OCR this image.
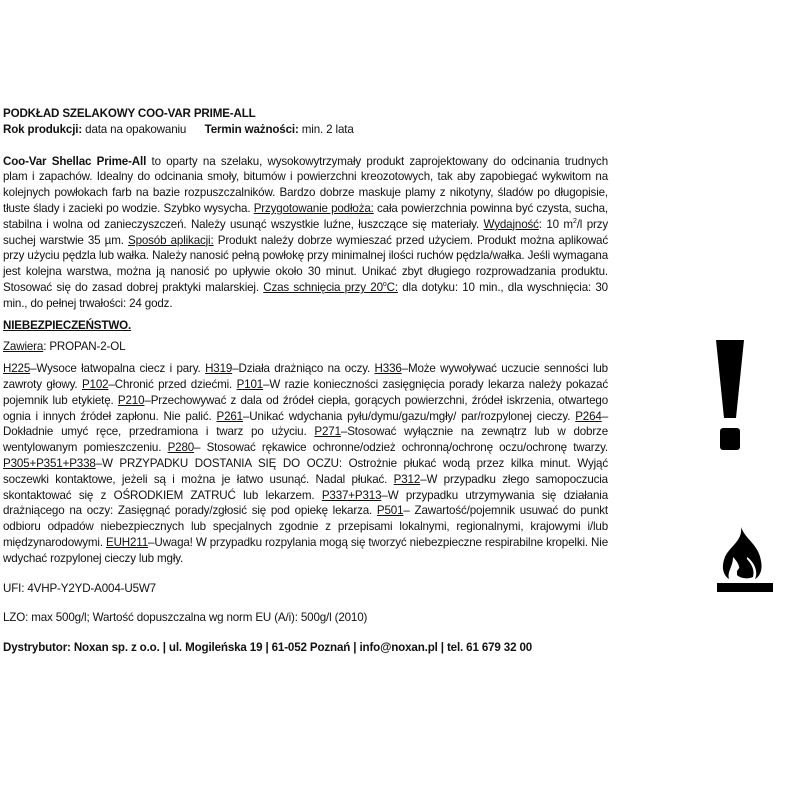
PODKŁAD SZELAKOWY COO-VAR PRIME-ALL

Rok produkcji: data na opakowaniu Termin ważności: min. 2 lata

Coo-Var Shellac Prime-All to oparty na szelaku, wysokowytrzymały produkt zaprojektowany do odcinania trudnych plam i zapachów. Idealny do odcinania smoły, bitumów i powierzchni kreozotowych, tak aby zapobiegać wykwitom na kolejnych powłokach farb na bazie rozpuszczalników. Bardzo dobrze maskuje plamy z nikotyny, śladów po długopisie, tłuste ślady i zacieki po wodzie. Szybko wysycha. Przygotowanie podłoża: cała powierzchnia powinna być czysta, sucha, stabilna i wolna od zanieczyszczeń. Należy usunąć wszystkie luźne, łuszczące się materiały. Wydajność: 10 $m^2/l$ przy suchej warstwie 35 µm. Sposób aplikacji: Produkt należy dobrze wymieszać przed użyciem. Produkt można aplikować przy użyciu pędzla lub wałka. Należy nanosić pełną powłokę przy minimalnej ilości ruchów pędzla/wałka. Jeśli wymagana jest kolejna warstwa, można ją nanosić po upływie około 30 minut. Unikać zbyt długiego rozprowadzania produktu. Stosować się do zasad dobrej praktyki malarskiej. Czas schnięcia przy 20$^o$C: dla dotyku: 10 min., dla wyschnięcia: 30 min., do pełnej trwałości: 24 godz.

NIEBEZPIECZEŃSTWO.

Zawiera: PROPAN-2-OL

H225–Wysoce łatwopalna ciecz i pary. H319–Działa drażniąco na oczy. H336–Może wywoływać uczucie senności lub zawroty głowy. P102–Chronić przed dziećmi. P101–W razie konieczności zasięgnięcia porady lekarza należy pokazać pojemnik lub etykietę. P210–Przechowywać z dala od źródeł ciepła, gorących powierzchni, źródeł iskrzenia, otwartego ognia i innych źródeł zapłonu. Nie palić. P261–Unikać wdychania pyłu/dymu/gazu/mgły/ par/rozpylonej cieczy. P264–Dokładnie umyć ręce, przedramiona i twarz po użyciu. P271–Stosować wyłącznie na zewnątrz lub w dobrze wentylowanym pomieszczeniu. P280– Stosować rękawice ochronne/odzież ochronną/ochronę oczu/ochronę twarzy. P305+P351+P338–W PRZYPADKU DOSTANIA SIĘ DO OCZU: Ostrożnie płukać wodą przez kilka minut. Wyjąć soczewki kontaktowe, jeżeli są i można je łatwo usunąć. Nadal płukać. P312–W przypadku złego samopoczucia skontaktować się z OŚRODKIEM ZATRUĆ lub lekarzem. P337+P313–W przypadku utrzymywania się działania drażniącego na oczy: Zasięgnąć porady/zgłosić się pod opiekę lekarza. P501– Zawartość/pojemnik usuwać do punkt odbioru odpadów niebezpiecznych lub specjalnych zgodnie z przepisami lokalnymi, regionalnymi, krajowymi i/lub międzynarodowymi. EUH211–Uwaga! W przypadku rozpylania mogą się tworzyć niebezpieczne respirabilne kropelki. Nie wdychać rozpylonej cieczy lub mgły.

UFI: 4VHP-Y2YD-A004-U5W7

LZO: max 500g/l; Wartość dopuszczalna wg norm EU (A/i): 500g/l (2010)

Dystrybutor: Noxan sp. z o.o. | ul. Mogileńska 19 | 61-052 Poznań | info@noxan.pl | tel. 61 679 32 00
